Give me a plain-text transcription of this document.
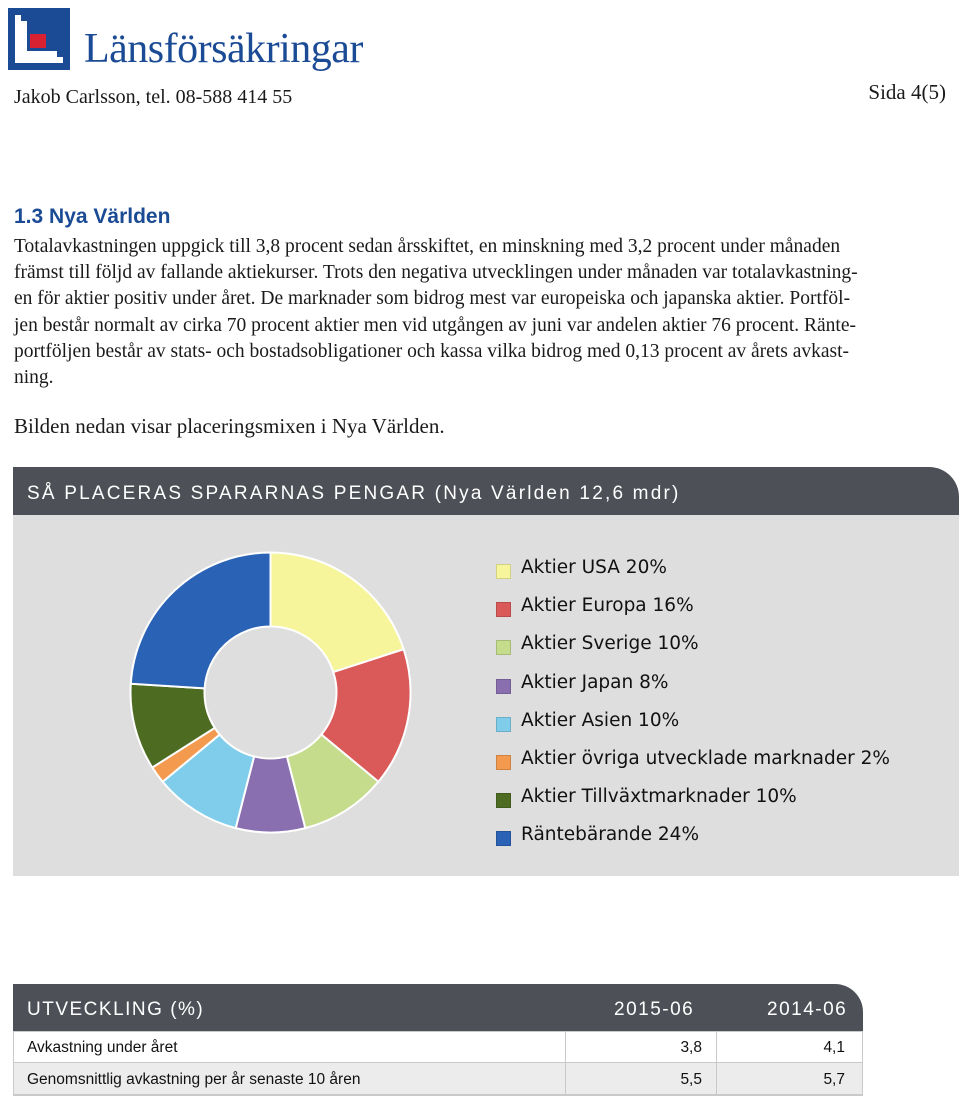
Länsförsäkringar
Jakob Carlsson, tel. 08-588 414 55	Sida 4(5)
1.3 Nya Världen
Totalavkastningen uppgick till 3,8 procent sedan årsskiftet, en minskning med 3,2 procent under månaden
främst till följd av fallande aktiekurser. Trots den negativa utvecklingen under månaden var totalavkastning-
en för aktier positiv under året. De marknader som bidrog mest var europeiska och japanska aktier. Portföl-
jen består normalt av cirka 70 procent aktier men vid utgången av juni var andelen aktier 76 procent. Ränte-
portföljen består av stats- och bostadsobligationer och kassa vilka bidrog med 0,13 procent av årets avkast-
ning.
Bilden nedan visar placeringsmixen i Nya Världen.
SÅ PLACERAS SPARARNAS PENGAR (Nya Världen 12,6 mdr)
Aktier USA 20%
Aktier Europa 16%
Aktier Sverige 10%
Aktier Japan 8%
Aktier Asien 10%
Aktier övriga utvecklade marknader 2%
Aktier Tillväxtmarknader 10%
Räntebärande 24%
UTVECKLING (%)	2015-06	2014-06
Avkastning under året	3,8	4,1
Genomsnittlig avkastning per år senaste 10 åren	5,5	5,7
